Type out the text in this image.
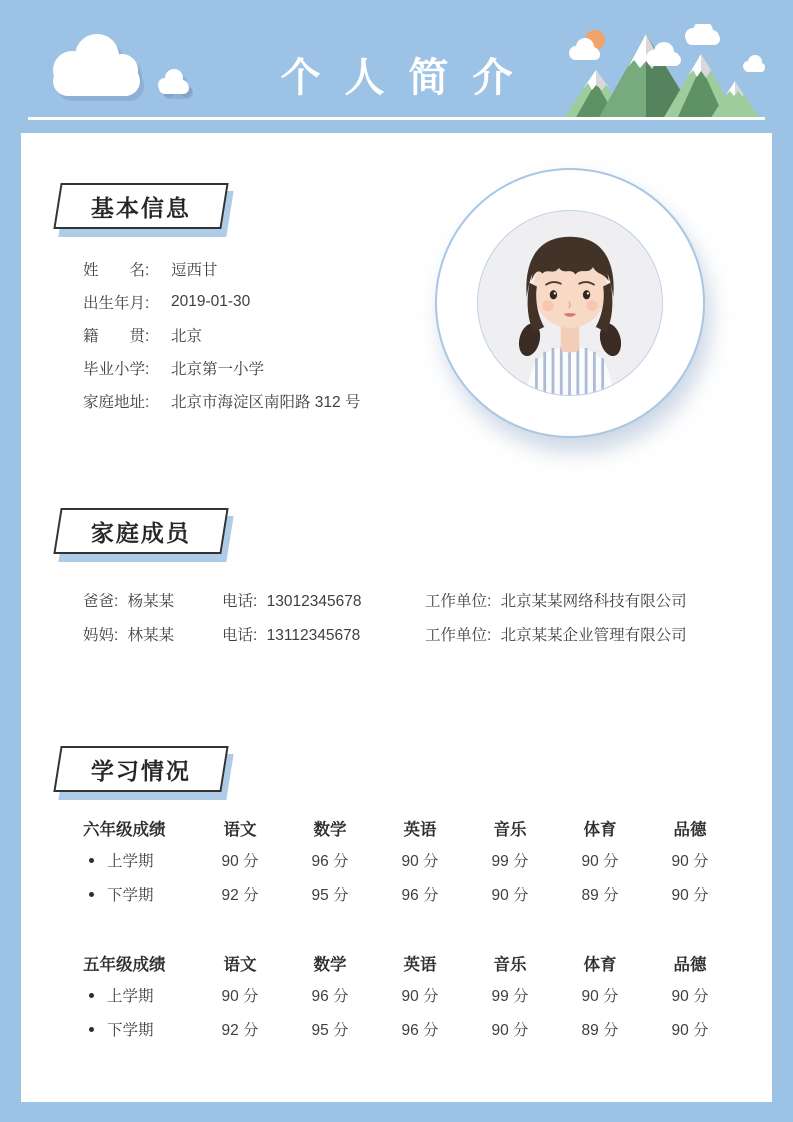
个人简介
基本信息
姓　　名:	逗西甘
出生年月:	2019-01-30
籍　　贯:	北京
毕业小学:	北京第一小学
家庭地址:	北京市海淀区南阳路 312 号
家庭成员
爸爸: 杨某某	电话: 13012345678	工作单位: 北京某某网络科技有限公司
妈妈: 林某某	电话: 13112345678	工作单位: 北京某某企业管理有限公司
学习情况
六年级成绩	语文	数学	英语	音乐	体育	品德
上学期	90 分	96 分	90 分	99 分	90 分	90 分
下学期	92 分	95 分	96 分	90 分	89 分	90 分
五年级成绩	语文	数学	英语	音乐	体育	品德
上学期	90 分	96 分	90 分	99 分	90 分	90 分
下学期	92 分	95 分	96 分	90 分	89 分	90 分
